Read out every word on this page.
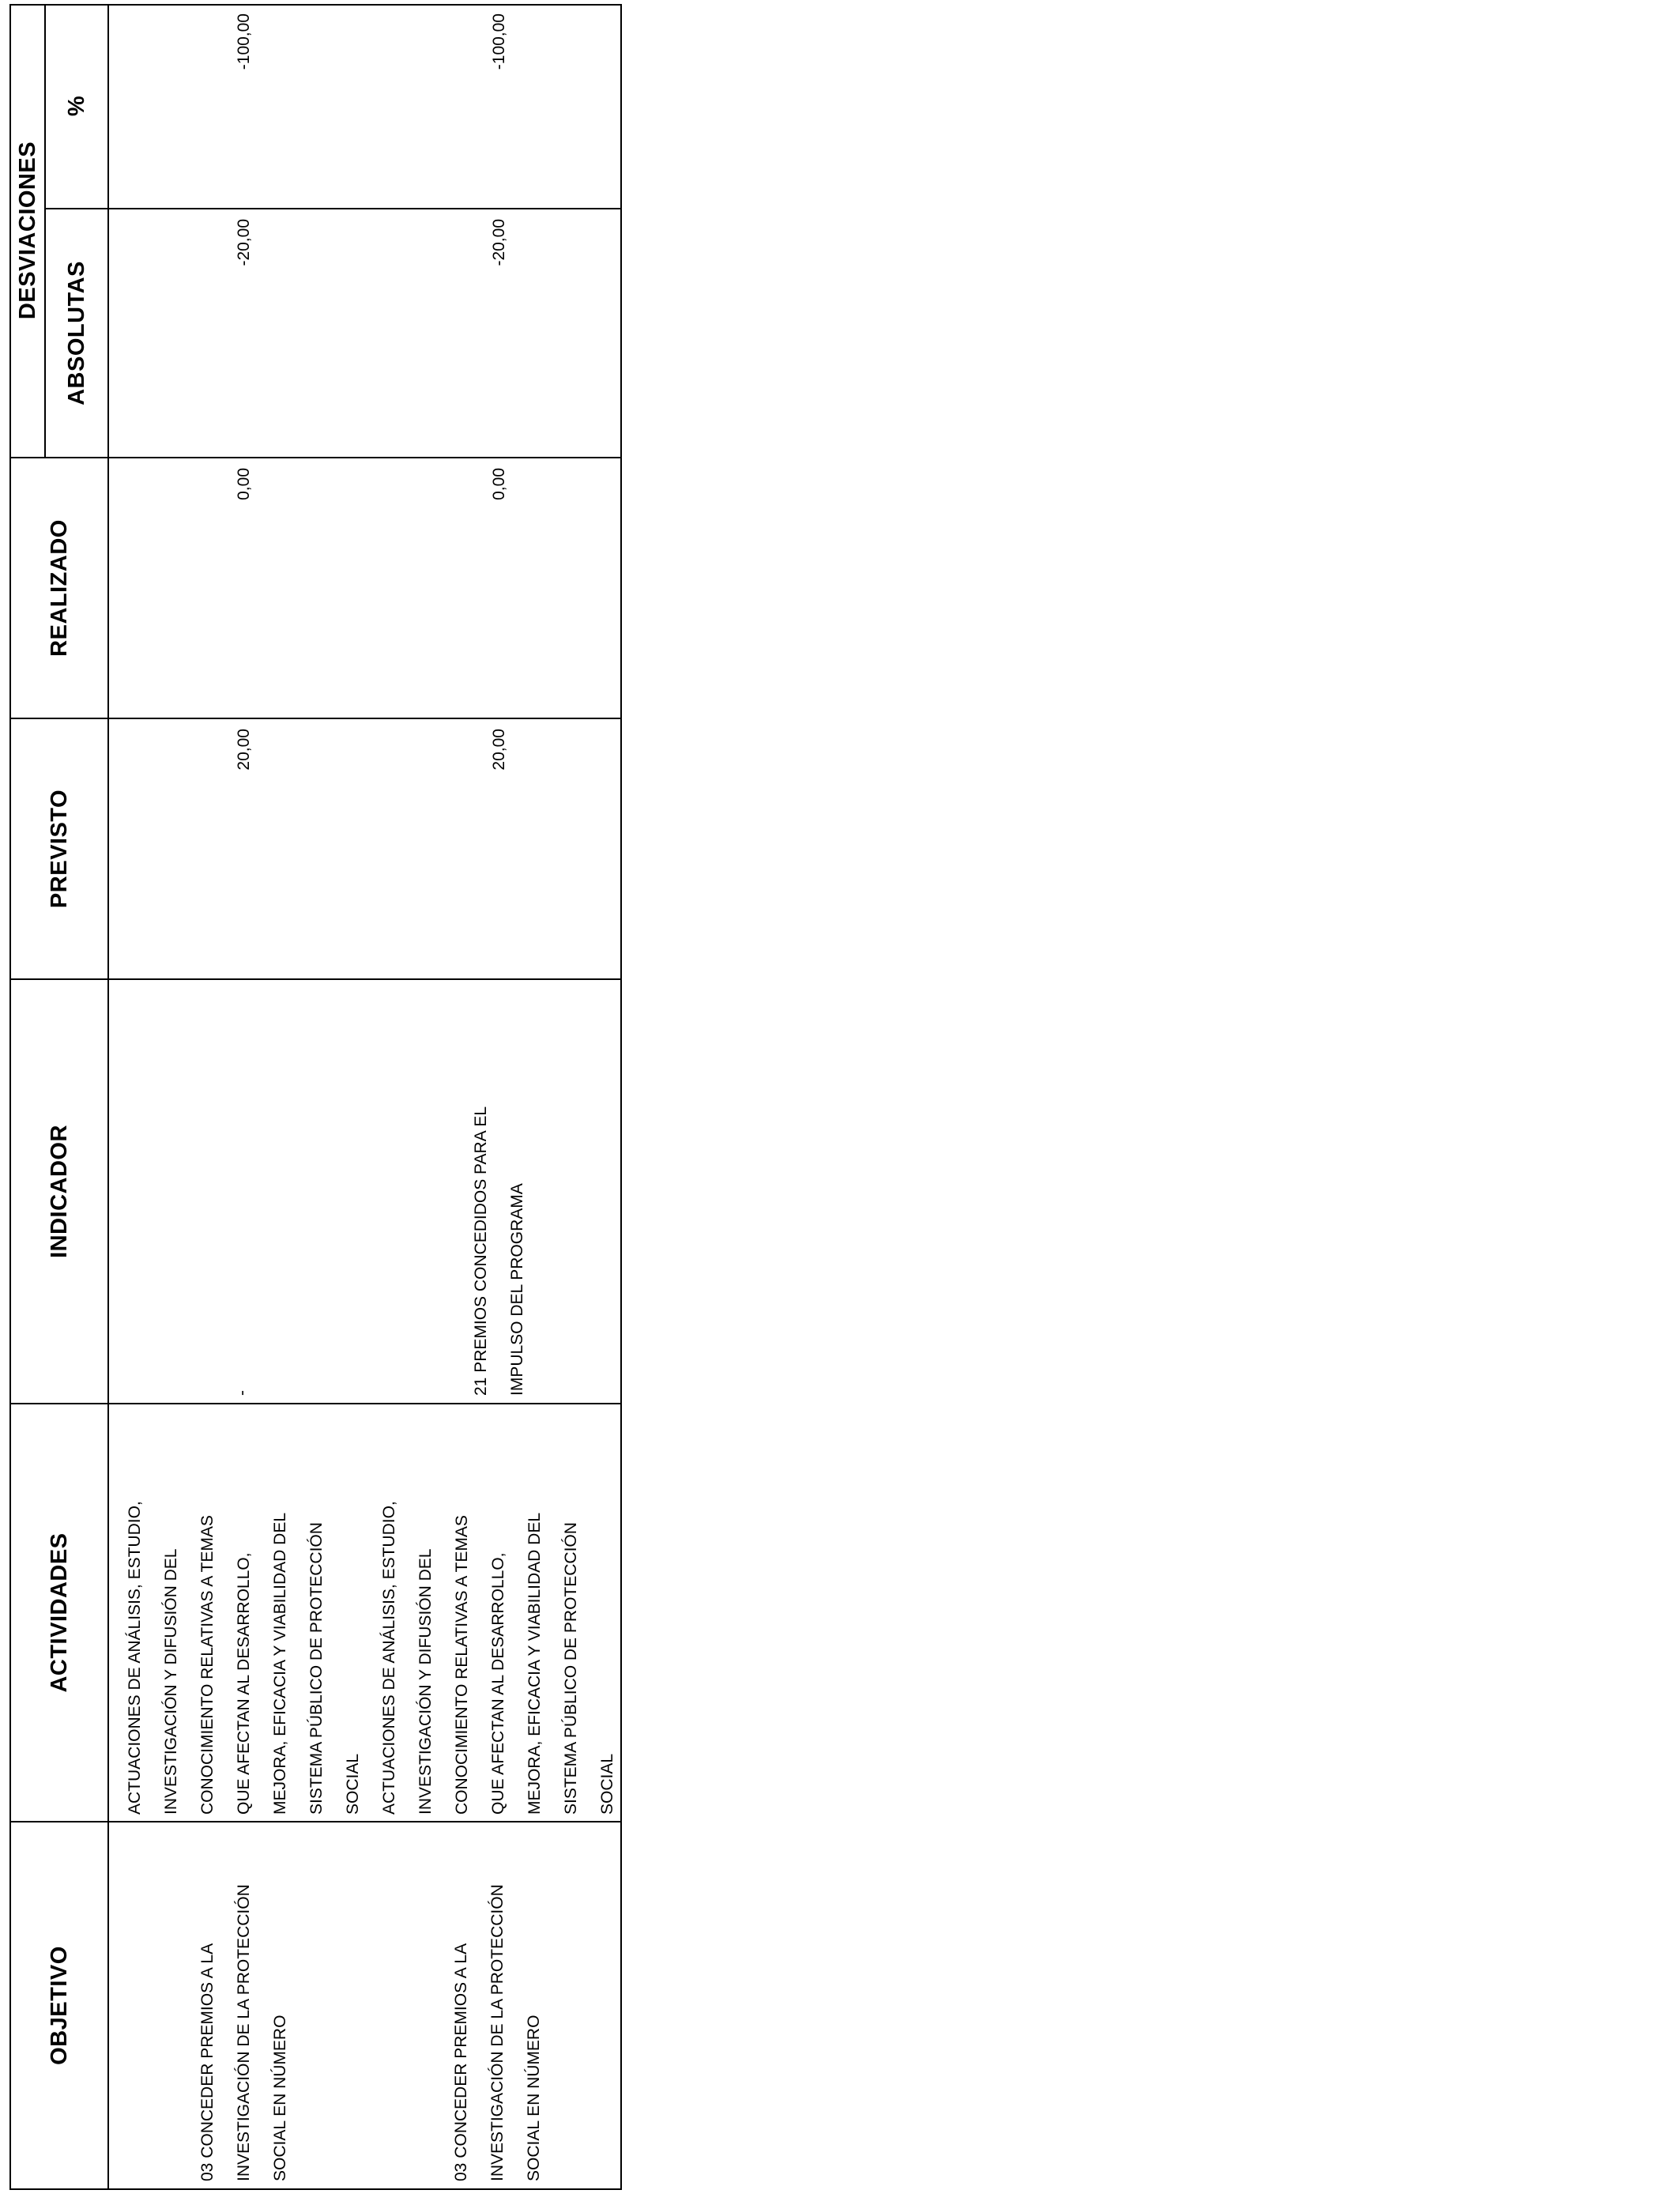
OBJETIVO
ACTIVIDADES
INDICADOR
PREVISTO
REALIZADO
DESVIACIONES
ABSOLUTAS
%
03 CONCEDER PREMIOS A LA
INVESTIGACIÓN DE LA PROTECCIÓN
SOCIAL EN NÚMERO
ACTUACIONES DE ANÁLISIS, ESTUDIO,
INVESTIGACIÓN Y DIFUSIÓN DEL
CONOCIMIENTO RELATIVAS A TEMAS
QUE AFECTAN AL DESARROLLO,
MEJORA, EFICACIA Y VIABILIDAD DEL
SISTEMA PÚBLICO DE PROTECCIÓN
SOCIAL
-
20,00
0,00
-20,00
-100,00
03 CONCEDER PREMIOS A LA
INVESTIGACIÓN DE LA PROTECCIÓN
SOCIAL EN NÚMERO
ACTUACIONES DE ANÁLISIS, ESTUDIO,
INVESTIGACIÓN Y DIFUSIÓN DEL
CONOCIMIENTO RELATIVAS A TEMAS
QUE AFECTAN AL DESARROLLO,
MEJORA, EFICACIA Y VIABILIDAD DEL
SISTEMA PÚBLICO DE PROTECCIÓN
SOCIAL
21 PREMIOS CONCEDIDOS PARA EL
IMPULSO DEL PROGRAMA
20,00
0,00
-20,00
-100,00
